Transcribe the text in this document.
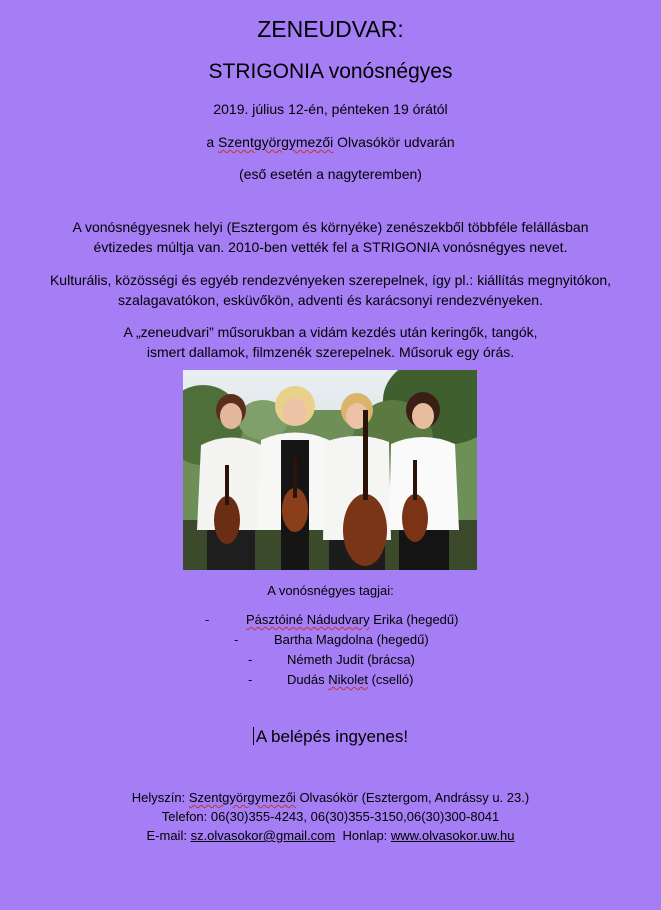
ZENEUDVAR:
STRIGONIA vonósnégyes
2019. július 12-én, pénteken 19 órától
a Szentgyörgymezői Olvasókör udvarán
(eső esetén a nagyteremben)
A vonósnégyesnek helyi (Esztergom és környéke) zenészekből többféle felállásban
évtizedes múltja van. 2010-ben vették fel a STRIGONIA vonósnégyes nevet.
Kulturális, közösségi és egyéb rendezvényeken szerepelnek, így pl.: kiállítás megnyitókon,
szalagavatókon, esküvőkön, adventi és karácsonyi rendezvényeken.
A „zeneudvari” műsorukban a vidám kezdés után keringők, tangók,
ismert dallamok, filmzenék szerepelnek. Műsoruk egy órás.
A vonósnégyes tagjai:
-	Pásztóiné Nádudvary Erika (hegedű)
-	Bartha Magdolna (hegedű)
-	Németh Judit (brácsa)
-	Dudás Nikolet (cselló)
A belépés ingyenes!
Helyszín: Szentgyörgymezői Olvasókör (Esztergom, Andrássy u. 23.)
Telefon: 06(30)355-4243, 06(30)355-3150,06(30)300-8041
E-mail: sz.olvasokor@gmail.com  Honlap: www.olvasokor.uw.hu
